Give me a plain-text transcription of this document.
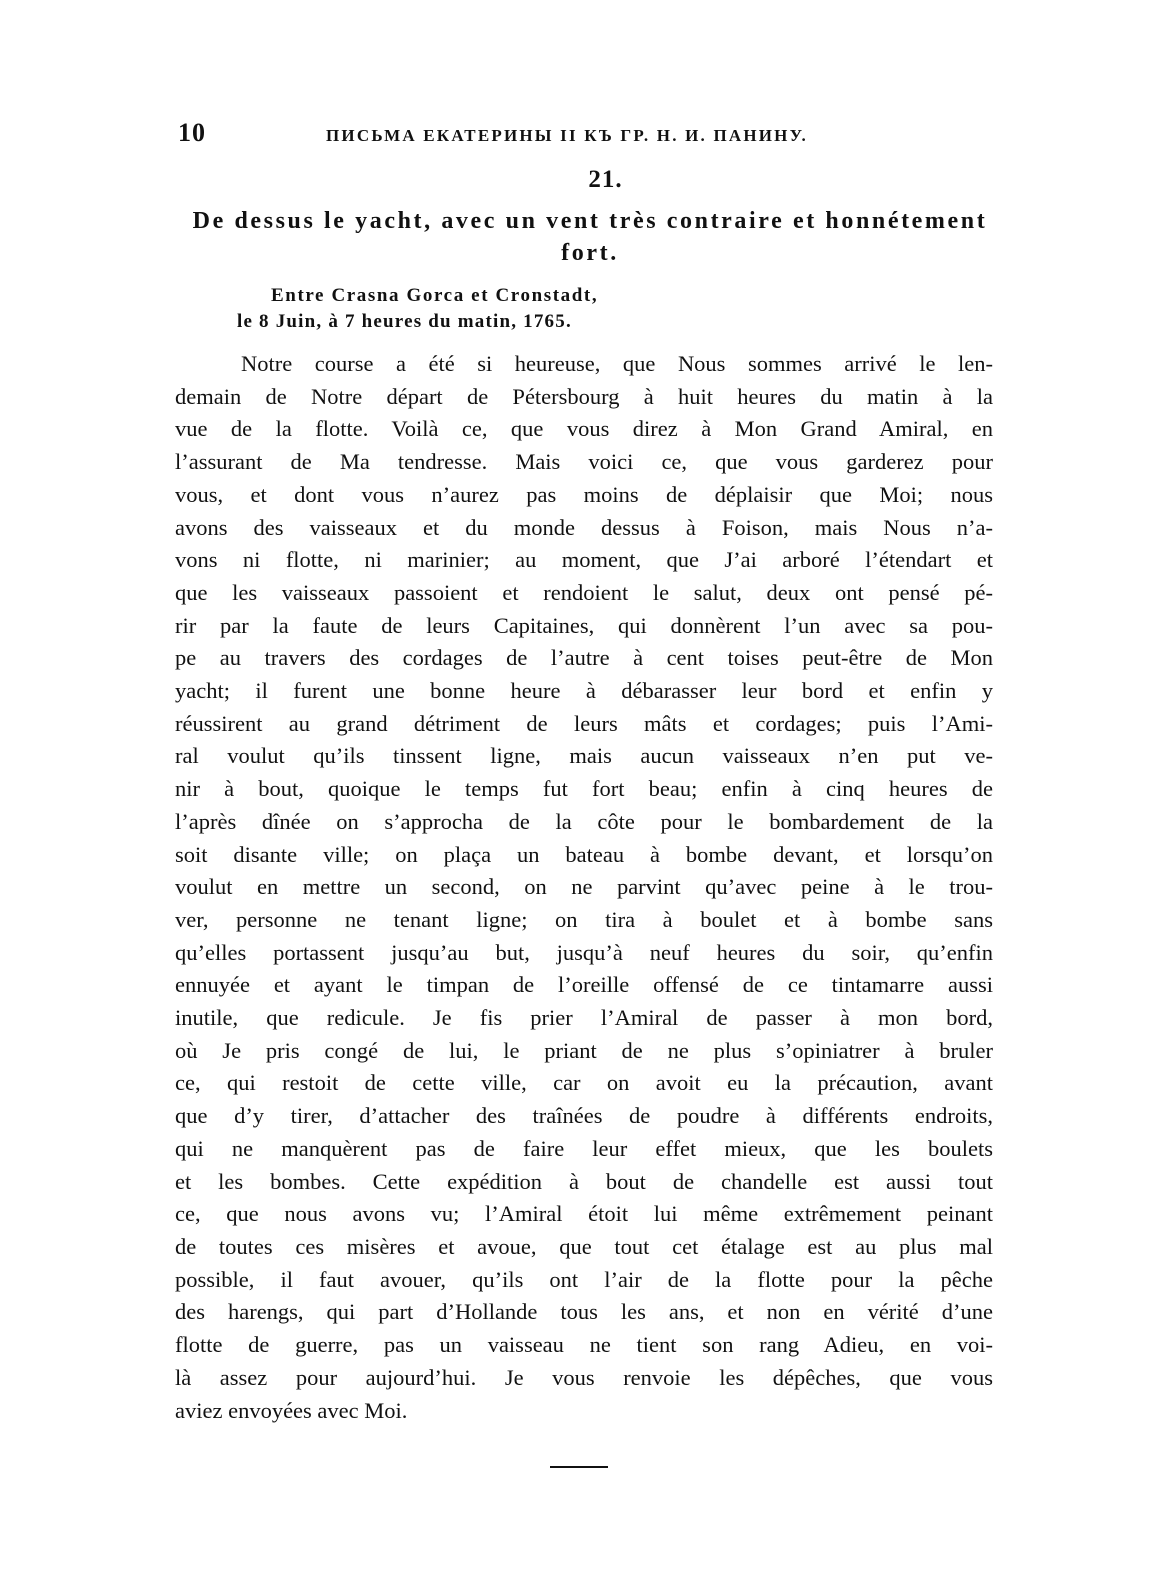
10	ПИСЬМА ЕКАТЕРИНЫ II КЪ ГР. Н. И. ПАНИНУ.
21.
De dessus le yacht, avec un vent très contraire et honnétement fort.
Entre Crasna Gorca et Cronstadt,
le 8 Juin, à 7 heures du matin, 1765.
Notre course a été si heureuse, que Nous sommes arrivé le len-
demain de Notre départ de Pétersbourg à huit heures du matin à la
vue de la flotte. Voilà ce, que vous direz à Mon Grand Amiral, en
l’assurant de Ma tendresse. Mais voici ce, que vous garderez pour
vous, et dont vous n’aurez pas moins de déplaisir que Moi; nous
avons des vaisseaux et du monde dessus à Foison, mais Nous n’a-
vons ni flotte, ni marinier; au moment, que J’ai arboré l’étendart et
que les vaisseaux passoient et rendoient le salut, deux ont pensé pé-
rir par la faute de leurs Capitaines, qui donnèrent l’un avec sa pou-
pe au travers des cordages de l’autre à cent toises peut-être de Mon
yacht; il furent une bonne heure à débarasser leur bord et enfin y
réussirent au grand détriment de leurs mâts et cordages; puis l’Ami-
ral voulut qu’ils tinssent ligne, mais aucun vaisseaux n’en put ve-
nir à bout, quoique le temps fut fort beau; enfin à cinq heures de
l’après dînée on s’approcha de la côte pour le bombardement de la
soit disante ville; on plaça un bateau à bombe devant, et lorsqu’on
voulut en mettre un second, on ne parvint qu’avec peine à le trou-
ver, personne ne tenant ligne; on tira à boulet et à bombe sans
qu’elles portassent jusqu’au but, jusqu’à neuf heures du soir, qu’enfin
ennuyée et ayant le timpan de l’oreille offensé de ce tintamarre aussi
inutile, que redicule. Je fis prier l’Amiral de passer à mon bord,
où Je pris congé de lui, le priant de ne plus s’opiniatrer à bruler
ce, qui restoit de cette ville, car on avoit eu la précaution, avant
que d’y tirer, d’attacher des traînées de poudre à différents endroits,
qui ne manquèrent pas de faire leur effet mieux, que les boulets
et les bombes. Cette expédition à bout de chandelle est aussi tout
ce, que nous avons vu; l’Amiral étoit lui même extrêmement peinant
de toutes ces misères et avoue, que tout cet étalage est au plus mal
possible, il faut avouer, qu’ils ont l’air de la flotte pour la pêche
des harengs, qui part d’Hollande tous les ans, et non en vérité d’une
flotte de guerre, pas un vaisseau ne tient son rang Adieu, en voi-
là assez pour aujourd’hui. Je vous renvoie les dépêches, que vous
aviez envoyées avec Moi.
